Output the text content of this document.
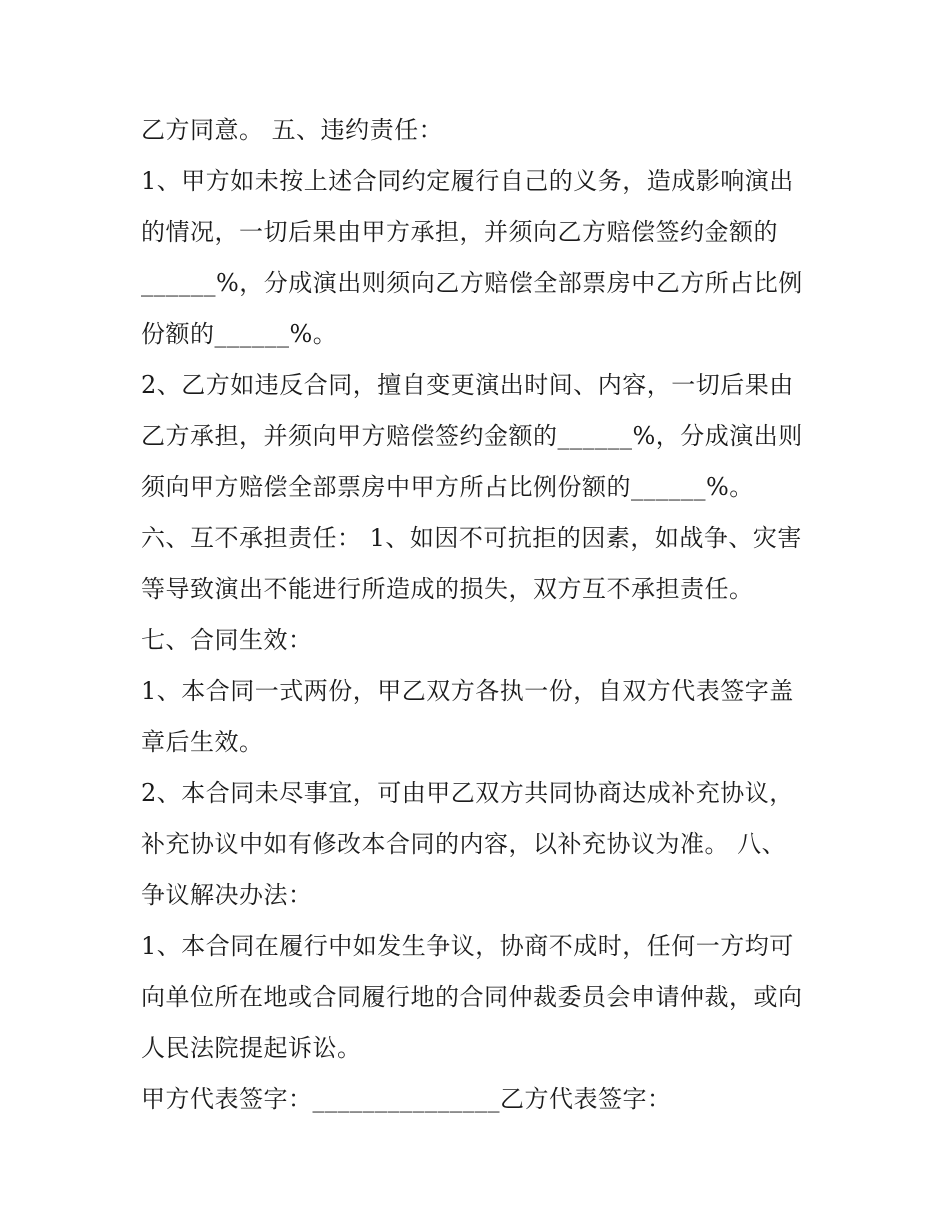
乙方同意。 五、违约责任：
1、甲方如未按上述合同约定履行自己的义务，造成影响演出
的情况，一切后果由甲方承担，并须向乙方赔偿签约金额的
______%，分成演出则须向乙方赔偿全部票房中乙方所占比例
份额的______%。
2、乙方如违反合同，擅自变更演出时间、内容，一切后果由
乙方承担，并须向甲方赔偿签约金额的______%，分成演出则
须向甲方赔偿全部票房中甲方所占比例份额的______%。
六、互不承担责任： 1、如因不可抗拒的因素，如战争、灾害
等导致演出不能进行所造成的损失，双方互不承担责任。
七、合同生效：
1、本合同一式两份，甲乙双方各执一份，自双方代表签字盖
章后生效。
2、本合同未尽事宜，可由甲乙双方共同协商达成补充协议，
补充协议中如有修改本合同的内容，以补充协议为准。 八、
争议解决办法：
1、本合同在履行中如发生争议，协商不成时，任何一方均可
向单位所在地或合同履行地的合同仲裁委员会申请仲裁，或向
人民法院提起诉讼。
甲方代表签字：_______________乙方代表签字：
